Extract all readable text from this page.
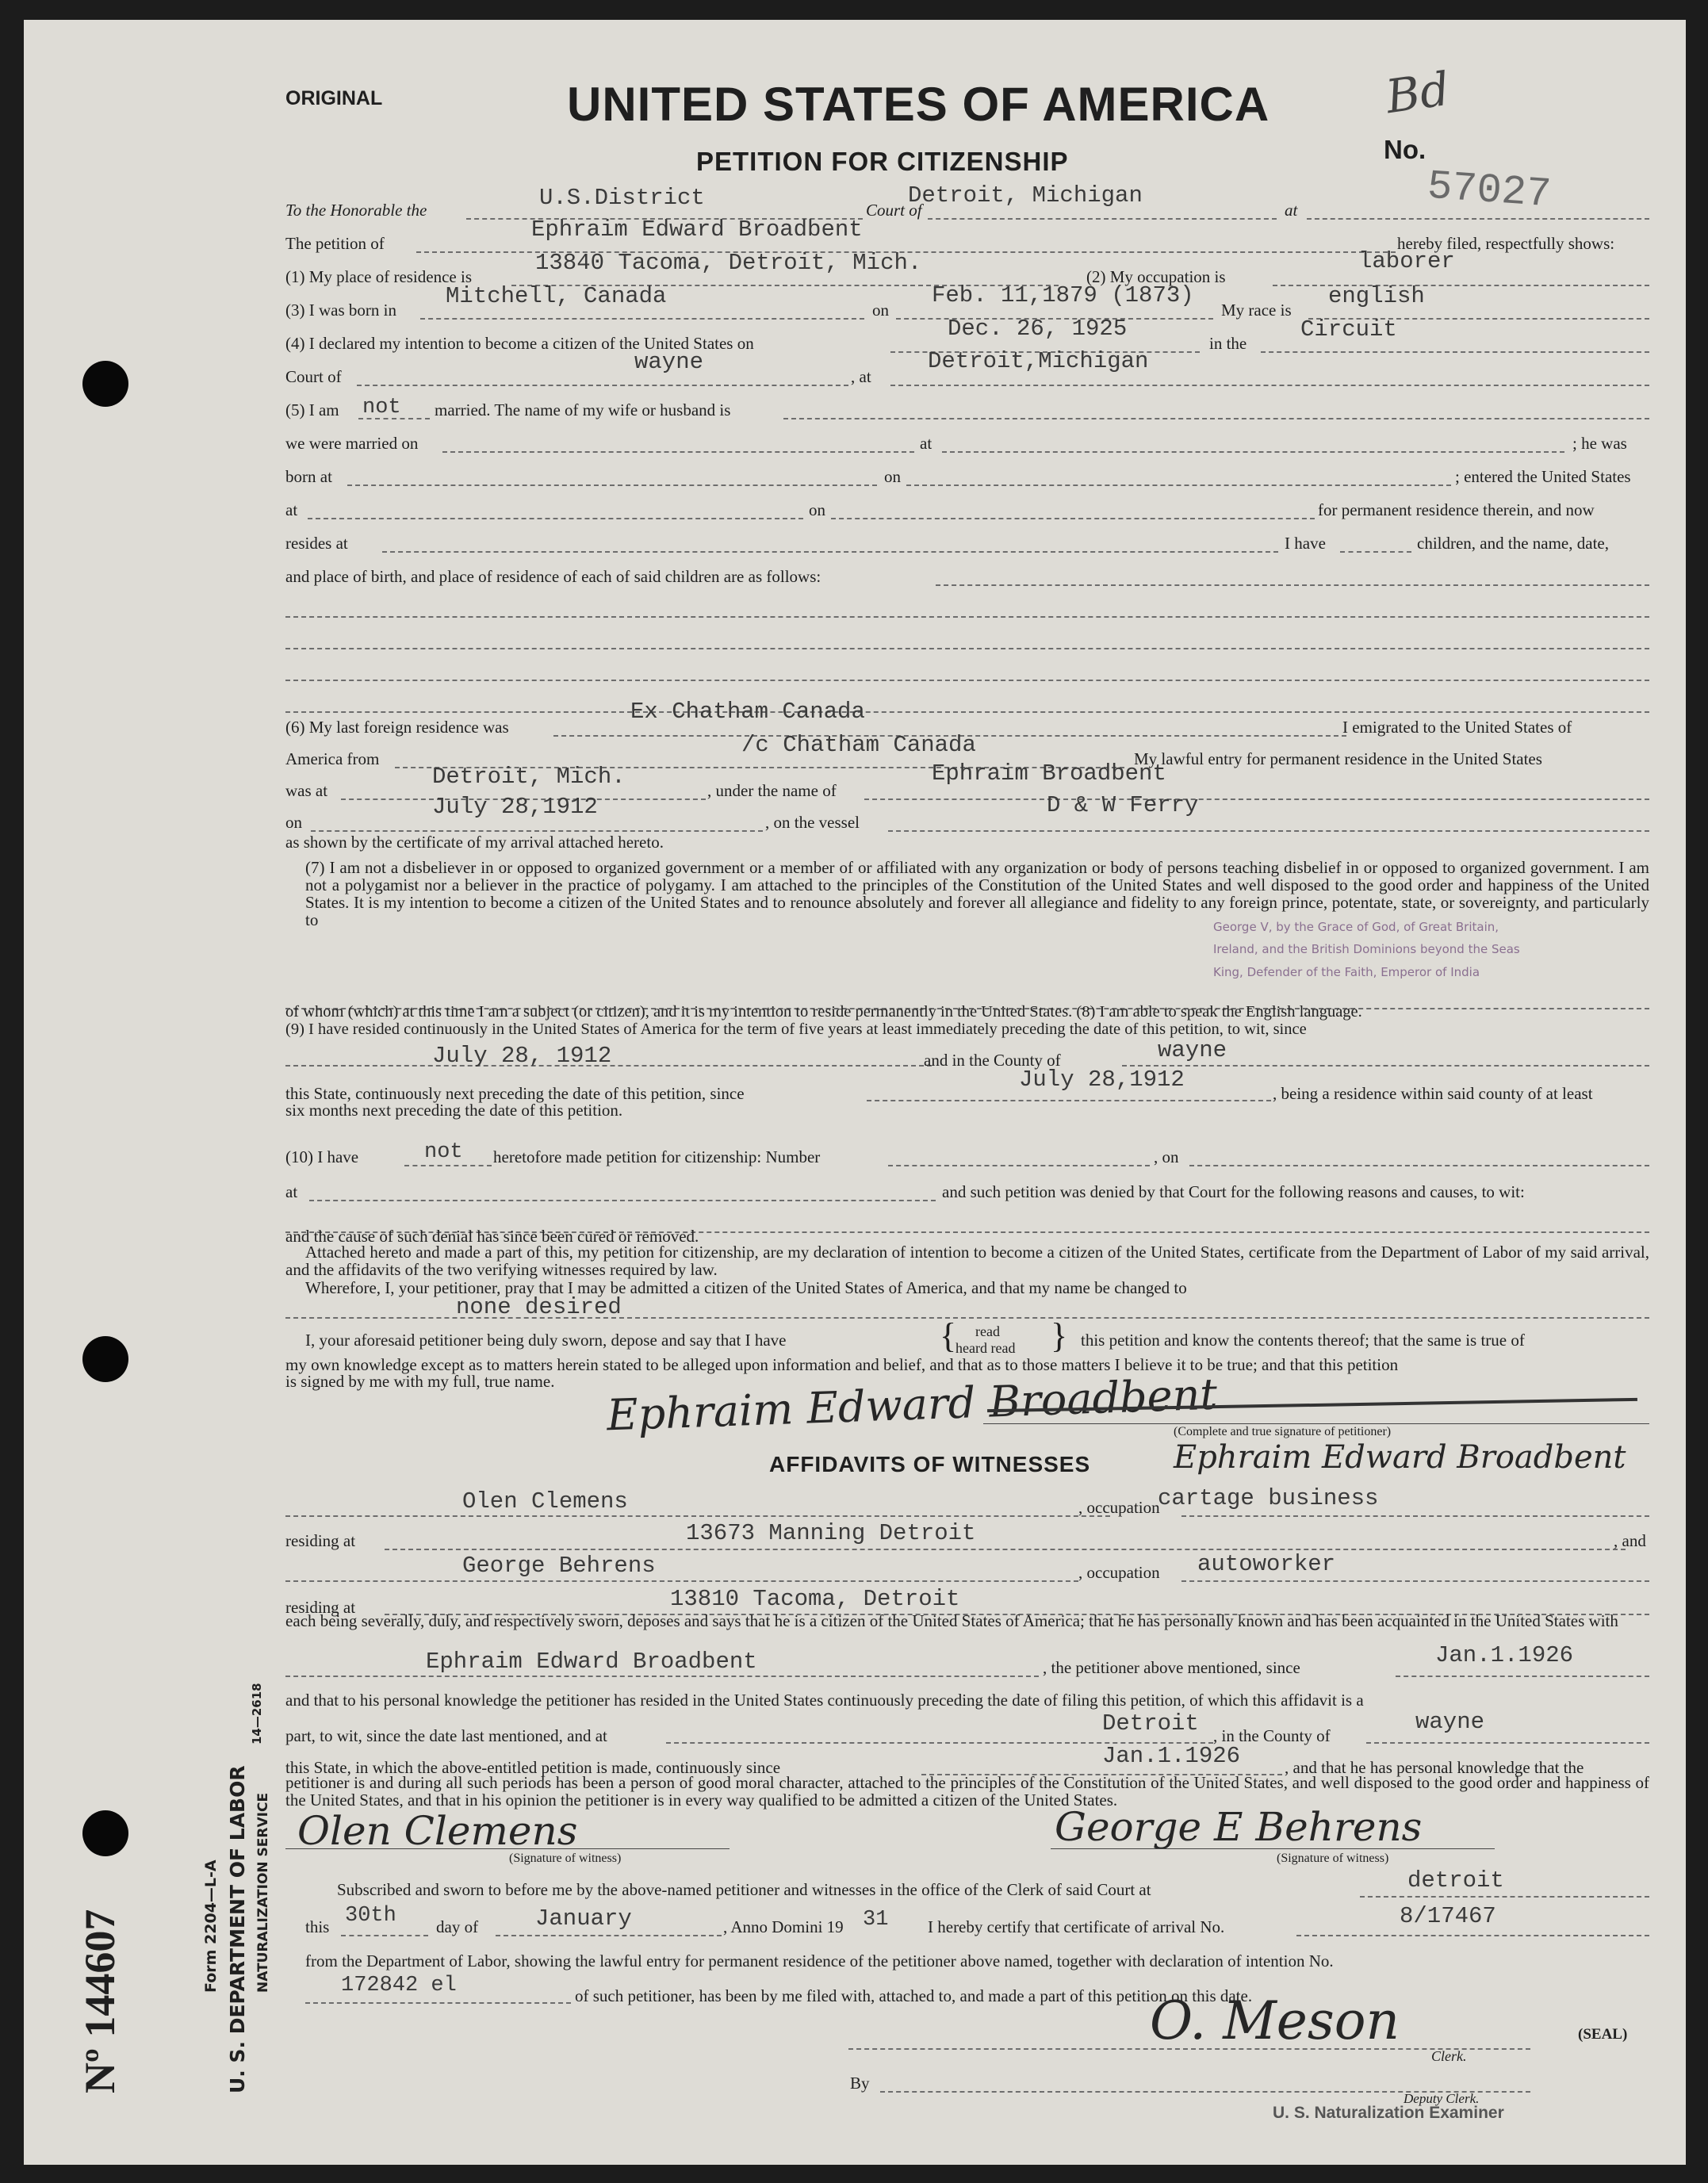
ORIGINAL	UNITED STATES OF AMERICA
PETITION FOR CITIZENSHIP
Bd
No.
57027
To the Honorable the	U.S.District	Court of
Detroit, Michigan
at
The petition of
Ephraim Edward Broadbent
hereby filed, respectfully shows:
(1) My place of residence is
13840 Tacoma, Detroit, Mich.
(2) My occupation is
laborer
(3) I was born in
Mitchell, Canada
on
Feb. 11,1879 (1873)
My race is
english
(4) I declared my intention to become a citizen of the United States on
Dec. 26, 1925
in the
Circuit
Court of
wayne
, at
Detroit,Michigan
(5) I am not married. The name of my wife or husband is
we were married on	at	; he was
born at	on	; entered the United States
at	on	for permanent residence therein, and now
resides at	I have	children, and the name, date,
and place of birth, and place of residence of each of said children are as follows:
(6) My last foreign residence was
Ex Chatham Canada
I emigrated to the United States of
America from
/c Chatham Canada
My lawful entry for permanent residence in the United States
was at
Detroit, Mich.
, under the name of
Ephraim Broadbent
on
July 28,1912
, on the vessel
D & W Ferry
as shown by the certificate of my arrival attached hereto.
(7) I am not a disbeliever in or opposed to organized government or a member of or affiliated with any organization or body of persons teaching disbelief in or opposed to organized government. I am not a polygamist nor a believer in the practice of polygamy. I am attached to the principles of the Constitution of the United States and well disposed to the good order and happiness of the United States. It is my intention to become a citizen of the United States and to renounce absolutely and forever all allegiance and fidelity to any foreign prince, potentate, state, or sovereignty, and particularly to	George V, by the Grace of God, of Great Britain,
Ireland, and the British Dominions beyond the Seas
King, Defender of the Faith, Emperor of India
of whom (which) at this time I am a subject (or citizen), and it is my intention to reside permanently in the United States. (8) I am able to speak the English language.
(9) I have resided continuously in the United States of America for the term of five years at least immediately preceding the date of this petition, to wit, since
July 28, 1912	and in the County of	wayne
this State, continuously next preceding the date of this petition, since
July 28,1912
, being a residence within said county of at least
six months next preceding the date of this petition.
(10) I have	not heretofore made petition for citizenship: Number	, on
at	and such petition was denied by that Court for the following reasons and causes, to wit:
and the cause of such denial has since been cured or removed.
Attached hereto and made a part of this, my petition for citizenship, are my declaration of intention to become a citizen of the United States, certificate from the Department of Labor of my said arrival, and the affidavits of the two verifying witnesses required by law.
Wherefore, I, your petitioner, pray that I may be admitted a citizen of the United States of America, and that my name be changed to
none desired
I, your aforesaid petitioner being duly sworn, depose and say that I have	{ read
heard read } this petition and know the contents thereof; that the same is true of
my own knowledge except as to matters herein stated to be alleged upon information and belief, and that as to those matters I believe it to be true; and that this petition
is signed by me with my full, true name. Ephraim Edward Broadbent
(Complete and true signature of petitioner)
AFFIDAVITS OF WITNESSES	Ephraim Edward Broadbent
Olen Clemens	, occupation
cartage business
residing at	13673 Manning Detroit	, and
George Behrens	, occupation autoworker
residing at	13810 Tacoma, Detroit
each being severally, duly, and respectively sworn, deposes and says that he is a citizen of the United States of America; that he has personally known and has been acquainted in the United States with
Ephraim Edward Broadbent	, the petitioner above mentioned, since	Jan.1.1926
and that to his personal knowledge the petitioner has resided in the United States continuously preceding the date of filing this petition, of which this affidavit is a
part, to wit, since the date last mentioned, and at	Detroit , in the County of
wayne
this State, in which the above-entitled petition is made, continuously since	Jan.1.1926	, and that he has personal knowledge that the
petitioner is and during all such periods has been a person of good moral character, attached to the principles of the Constitution of the United States, and well disposed to the good order and happiness of the United States, and that in his opinion the petitioner is in every way qualified to be admitted a citizen of the United States.
Olen Clemens
(Signature of witness)
George E Behrens
(Signature of witness)
Subscribed and sworn to before me by the above-named petitioner and witnesses in the office of the Clerk of said Court at	detroit
this 30th day of January	, Anno Domini 19 31 I hereby certify that certificate of arrival No.	8/17467
from the Department of Labor, showing the lawful entry for permanent residence of the petitioner above named, together with declaration of intention No.
172842 el	of such petitioner, has been by me filed with, attached to, and made a part of this petition on this date.
O. Meson
Clerk.
(SEAL)
By
Deputy Clerk.
U. S. Naturalization Examiner
Nº 144607	Form 2204—L-A U. S. DEPARTMENT OF LABOR NATURALIZATION SERVICE
14—2618
